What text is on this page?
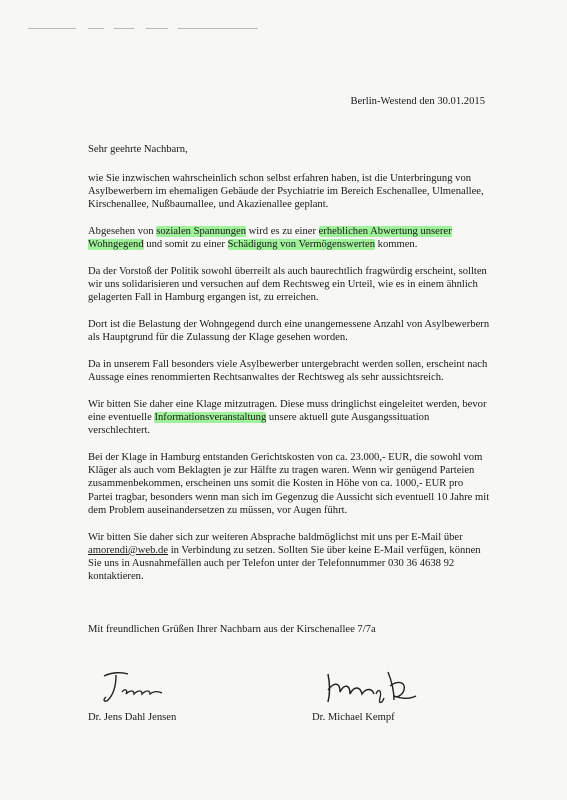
Berlin-Westend den 30.01.2015
Sehr geehrte Nachbarn,

wie Sie inzwischen wahrscheinlich schon selbst erfahren haben, ist die Unterbringung von Asylbewerbern im ehemaligen Gebäude der Psychiatrie im Bereich Eschenallee, Ulmenallee, Kirschenallee, Nußbaumallee, und Akazienallee geplant.

Abgesehen von sozialen Spannungen wird es zu einer erheblichen Abwertung unserer Wohngegend und somit zu einer Schädigung von Vermögenswerten kommen.

Da der Vorstoß der Politik sowohl überreilt als auch baurechtlich fragwürdig erscheint, sollten wir uns solidarisieren und versuchen auf dem Rechtsweg ein Urteil, wie es in einem ähnlich gelagerten Fall in Hamburg ergangen ist, zu erreichen.

Dort ist die Belastung der Wohngegend durch eine unangemessene Anzahl von Asylbewerbern als Hauptgrund für die Zulassung der Klage gesehen worden.

Da in unserem Fall besonders viele Asylbewerber untergebracht werden sollen, erscheint nach Aussage eines renommierten Rechtsanwaltes der Rechtsweg als sehr aussichtsreich.

Wir bitten Sie daher eine Klage mitzutragen. Diese muss dringlichst eingeleitet werden, bevor eine eventuelle Informationsveranstaltung unsere aktuell gute Ausgangssituation verschlechtert.

Bei der Klage in Hamburg entstanden Gerichtskosten von ca. 23.000,- EUR, die sowohl vom Kläger als auch vom Beklagten je zur Hälfte zu tragen waren. Wenn wir genügend Parteien zusammenbekommen, erscheinen uns somit die Kosten in Höhe von ca. 1000,- EUR pro Partei tragbar, besonders wenn man sich im Gegenzug die Aussicht sich eventuell 10 Jahre mit dem Problem auseinandersetzen zu müssen, vor Augen führt.

Wir bitten Sie daher sich zur weiteren Absprache baldmöglichst mit uns per E-Mail über amorendi@web.de in Verbindung zu setzen. Sollten Sie über keine E-Mail verfügen, können Sie uns in Ausnahmefällen auch per Telefon unter der Telefonnummer 030 36 4638 92 kontaktieren.

Mit freundlichen Grüßen Ihrer Nachbarn aus der Kirschenallee 7/7a
Dr. Jens Dahl Jensen	Dr. Michael Kempf
